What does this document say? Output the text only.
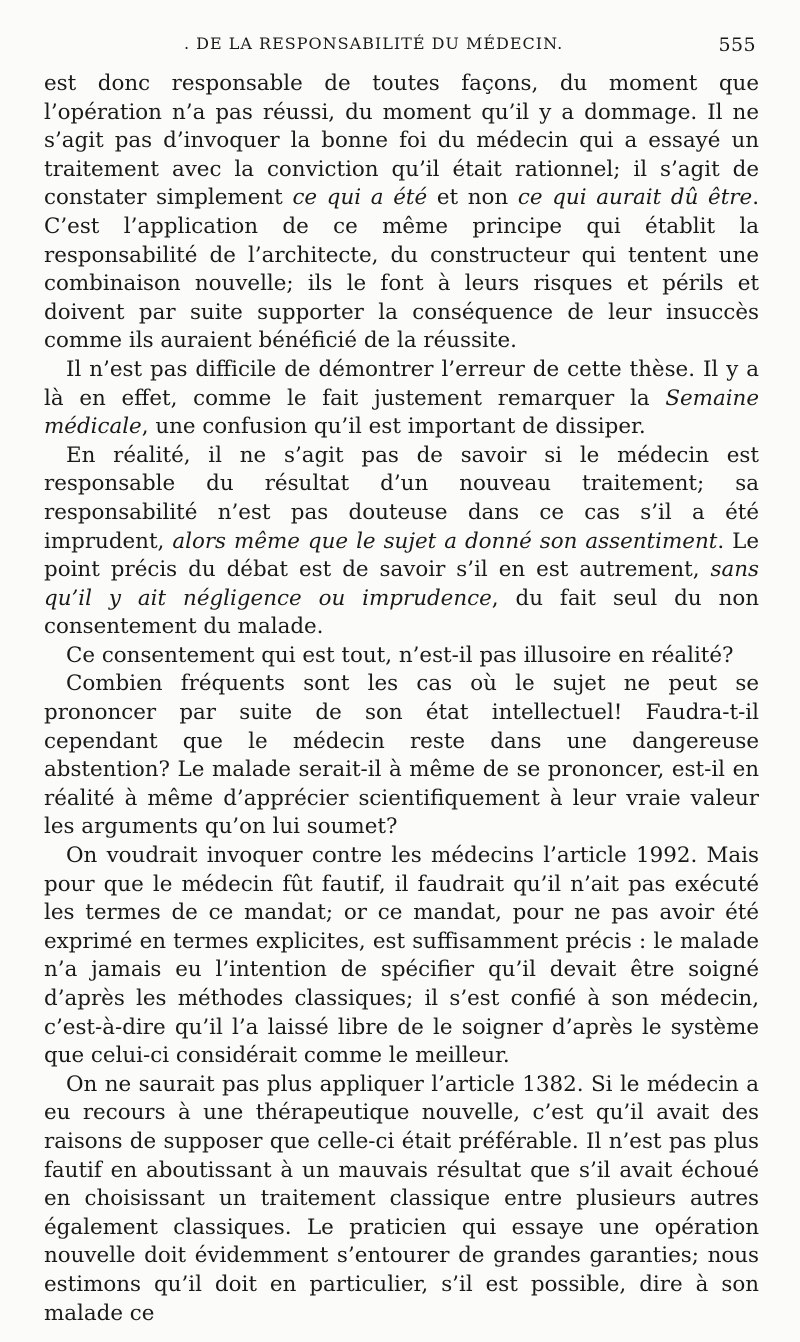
. DE LA RESPONSABILITÉ DU MÉDECIN.	555

est donc responsable de toutes façons, du moment que l’opération n’a pas réussi, du moment qu’il y a dommage. Il ne s’agit pas d’invoquer la bonne foi du médecin qui a essayé un traitement avec la conviction qu’il était rationnel; il s’agit de constater simplement ce qui a été et non ce qui aurait dû être. C’est l’application de ce même principe qui établit la responsabilité de l’architecte, du constructeur qui tentent une combinaison nouvelle; ils le font à leurs risques et périls et doivent par suite supporter la conséquence de leur insuccès comme ils auraient bénéficié de la réussite.

Il n’est pas difficile de démontrer l’erreur de cette thèse. Il y a là en effet, comme le fait justement remarquer la Semaine médicale, une confusion qu’il est important de dissiper.

En réalité, il ne s’agit pas de savoir si le médecin est responsable du résultat d’un nouveau traitement; sa responsabilité n’est pas douteuse dans ce cas s’il a été imprudent, alors même que le sujet a donné son assentiment. Le point précis du débat est de savoir s’il en est autrement, sans qu’il y ait négligence ou imprudence, du fait seul du non consentement du malade.

Ce consentement qui est tout, n’est-il pas illusoire en réalité?

Combien fréquents sont les cas où le sujet ne peut se prononcer par suite de son état intellectuel! Faudra-t-il cependant que le médecin reste dans une dangereuse abstention? Le malade serait-il à même de se prononcer, est-il en réalité à même d’apprécier scientifiquement à leur vraie valeur les arguments qu’on lui soumet?

On voudrait invoquer contre les médecins l’article 1992. Mais pour que le médecin fût fautif, il faudrait qu’il n’ait pas exécuté les termes de ce mandat; or ce mandat, pour ne pas avoir été exprimé en termes explicites, est suffisamment précis : le malade n’a jamais eu l’intention de spécifier qu’il devait être soigné d’après les méthodes classiques; il s’est confié à son médecin, c’est-à-dire qu’il l’a laissé libre de le soigner d’après le système que celui-ci considérait comme le meilleur.

On ne saurait pas plus appliquer l’article 1382. Si le médecin a eu recours à une thérapeutique nouvelle, c’est qu’il avait des raisons de supposer que celle-ci était préférable. Il n’est pas plus fautif en aboutissant à un mauvais résultat que s’il avait échoué en choisissant un traitement classique entre plusieurs autres également classiques. Le praticien qui essaye une opération nouvelle doit évidemment s’entourer de grandes garanties; nous estimons qu’il doit en particulier, s’il est possible, dire à son malade ce
